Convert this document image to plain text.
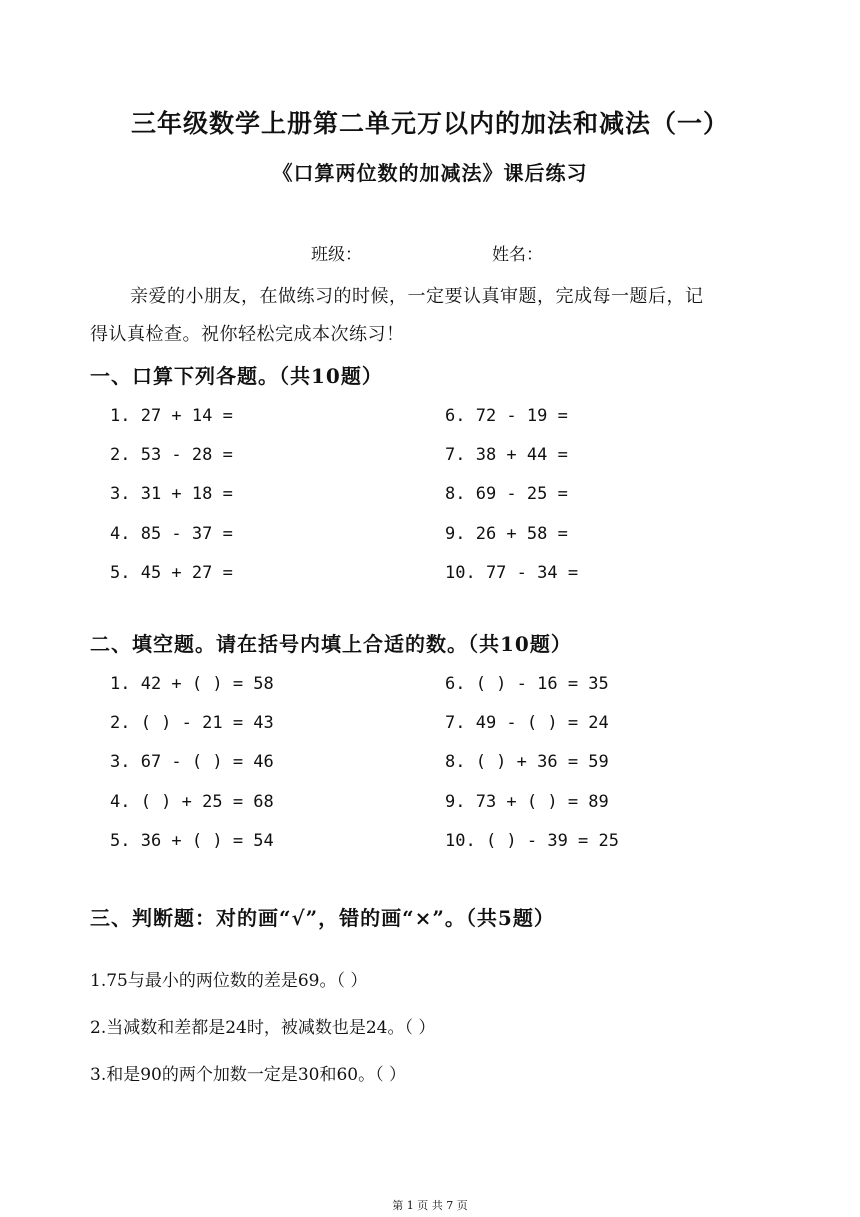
三年级数学上册第二单元万以内的加法和减法（一）
《口算两位数的加减法》课后练习
班级：	姓名：
亲爱的小朋友，在做练习的时候，一定要认真审题，完成每一题后，记
得认真检查。祝你轻松完成本次练习！
一、口算下列各题。（共10题）
1. 27 + 14 =
2. 53 - 28 =
3. 31 + 18 =
4. 85 - 37 =
5. 45 + 27 =
6. 72 - 19 =
7. 38 + 44 =
8. 69 - 25 =
9. 26 + 58 =
10. 77 - 34 =
二、填空题。请在括号内填上合适的数。（共10题）
1. 42 + ( ) = 58
2. ( ) - 21 = 43
3. 67 - ( ) = 46
4. ( ) + 25 = 68
5. 36 + ( ) = 54
6. ( ) - 16 = 35
7. 49 - ( ) = 24
8. ( ) + 36 = 59
9. 73 + ( ) = 89
10. ( ) - 39 = 25
三、判断题：对的画“√”，错的画“×”。（共5题）
1.75与最小的两位数的差是69。（ ）
2.当减数和差都是24时，被减数也是24。（ ）
3.和是90的两个加数一定是30和60。（ ）
第 1 页 共 7 页
